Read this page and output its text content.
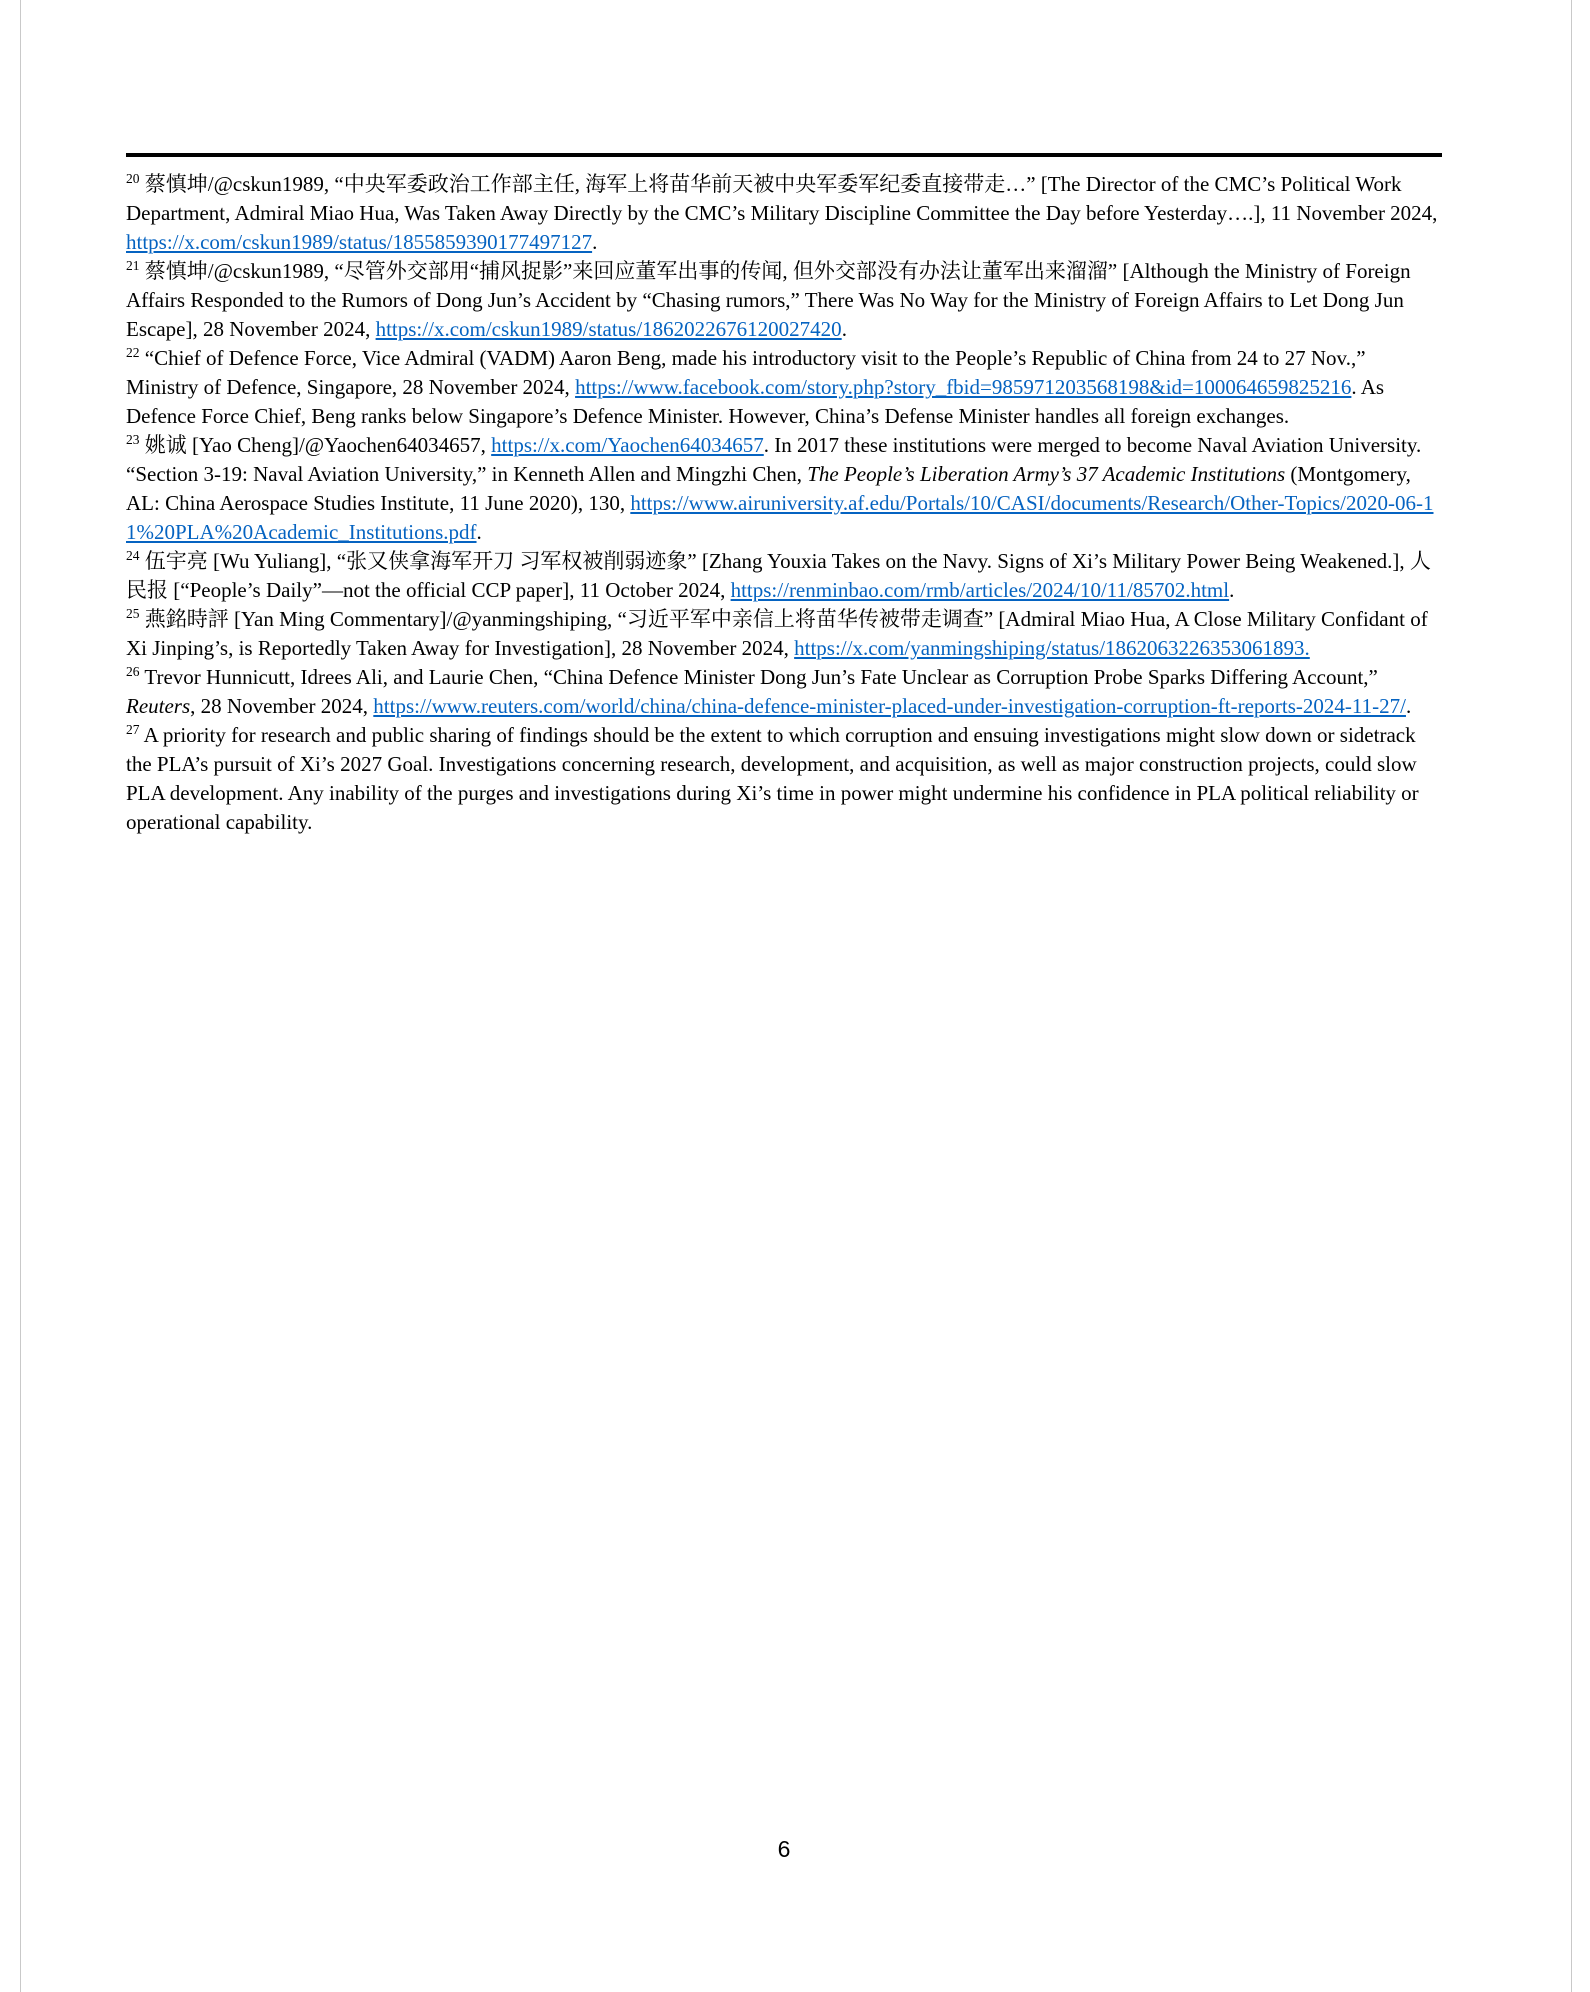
$^{20}$ 蔡慎坤/@cskun1989, “中央军委政治工作部主任, 海军上将苗华前天被中央军委军纪委直接带走…” [The Director of the CMC’s Political Work Department, Admiral Miao Hua, Was Taken Away Directly by the CMC’s Military Discipline Committee the Day before Yesterday….], 11 November 2024, https://x.com/cskun1989/status/1855859390177497127.

$^{21}$ 蔡慎坤/@cskun1989, “尽管外交部用“捕风捉影”来回应董军出事的传闻, 但外交部没有办法让董军出来溜溜” [Although the Ministry of Foreign Affairs Responded to the Rumors of Dong Jun’s Accident by “Chasing rumors,” There Was No Way for the Ministry of Foreign Affairs to Let Dong Jun Escape], 28 November 2024, https://x.com/cskun1989/status/1862022676120027420.

$^{22}$ “Chief of Defence Force, Vice Admiral (VADM) Aaron Beng, made his introductory visit to the People’s Republic of China from 24 to 27 Nov.,” Ministry of Defence, Singapore, 28 November 2024, https://www.facebook.com/story.php?story_fbid=985971203568198&id=100064659825216. As Defence Force Chief, Beng ranks below Singapore’s Defence Minister. However, China’s Defense Minister handles all foreign exchanges.

$^{23}$ 姚诚 [Yao Cheng]/@Yaochen64034657, https://x.com/Yaochen64034657. In 2017 these institutions were merged to become Naval Aviation University. “Section 3-19: Naval Aviation University,” in Kenneth Allen and Mingzhi Chen, The People’s Liberation Army’s 37 Academic Institutions (Montgomery, AL: China Aerospace Studies Institute, 11 June 2020), 130, https://www.airuniversity.af.edu/Portals/10/CASI/documents/Research/Other-Topics/2020-06-11%20PLA%20Academic_Institutions.pdf.

$^{24}$ 伍宇亮 [Wu Yuliang], “张又侠拿海军开刀 习军权被削弱迹象” [Zhang Youxia Takes on the Navy. Signs of Xi’s Military Power Being Weakened.], 人民报 [“People’s Daily”—not the official CCP paper], 11 October 2024, https://renminbao.com/rmb/articles/2024/10/11/85702.html.

$^{25}$ 燕銘時評 [Yan Ming Commentary]/@yanmingshiping, “习近平军中亲信上将苗华传被带走调查” [Admiral Miao Hua, A Close Military Confidant of Xi Jinping’s, is Reportedly Taken Away for Investigation], 28 November 2024, https://x.com/yanmingshiping/status/1862063226353061893.

$^{26}$ Trevor Hunnicutt, Idrees Ali, and Laurie Chen, “China Defence Minister Dong Jun’s Fate Unclear as Corruption Probe Sparks Differing Account,” Reuters, 28 November 2024, https://www.reuters.com/world/china/china-defence-minister-placed-under-investigation-corruption-ft-reports-2024-11-27/.

$^{27}$ A priority for research and public sharing of findings should be the extent to which corruption and ensuing investigations might slow down or sidetrack the PLA’s pursuit of Xi’s 2027 Goal. Investigations concerning research, development, and acquisition, as well as major construction projects, could slow PLA development. Any inability of the purges and investigations during Xi’s time in power might undermine his confidence in PLA political reliability or operational capability.

6
